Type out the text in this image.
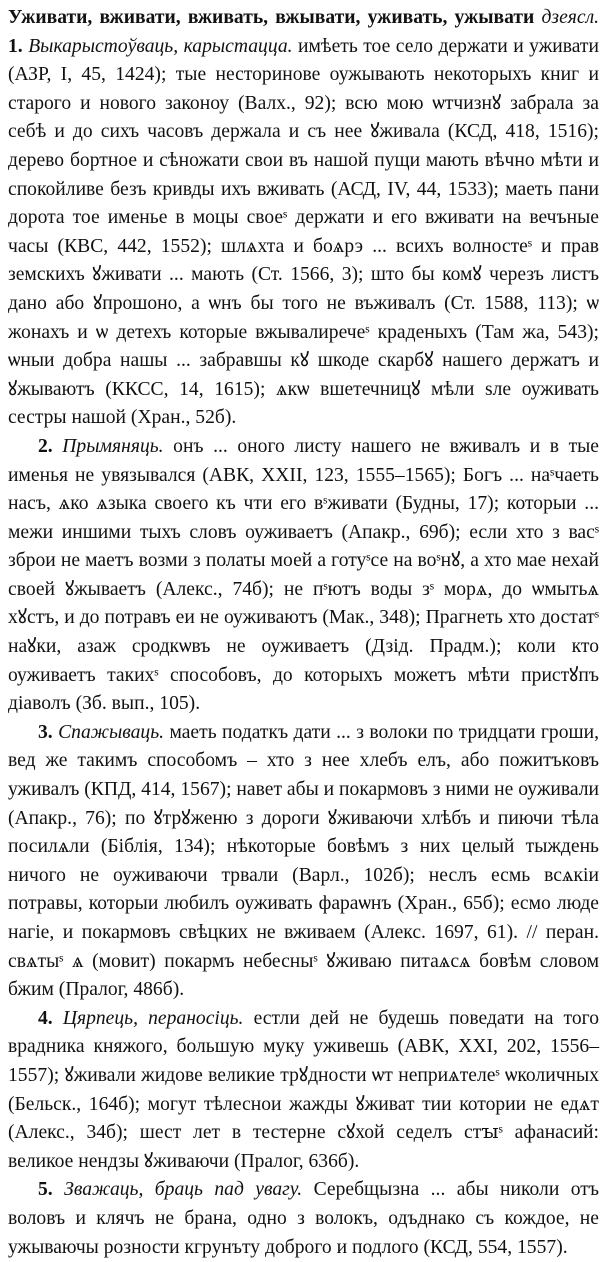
Уживати, вживати, вживать, вжывати, уживать, ужывати дзеясл. 1. Выкарыстоўваць, карыстацца. имѣеть тое село держати и уживати (АЗР, I, 45, 1424); тые несторинове оужывають некоторыхъ книг и старого и нового законоу (Валх., 92); всю мою ѡтчизнꙋ забрала за себѣ и до сихъ часовъ держала и съ нее ꙋживала (КСД, 418, 1516); дерево бортное и сѣножати свои въ нашой пущи мають вѣчно мѣти и спокойливе безъ кривды ихъ вживать (АСД, IV, 44, 1533); маеть пани дорота тое именье в моцы своеˢ держати и его вживати на вечъные часы (КВС, 442, 1552); шлѧхта и боѧрэ ... всихъ волностеˢ и прав земскихъ ꙋживати ... мають (Ст. 1566, 3); што бы комꙋ черезъ листъ дано або ꙋпрошоно, а ѡнъ бы того не въживалъ (Ст. 1588, 113); ѡ жонахъ и ѡ детехъ которые вжывалиречеˢ краденыхъ (Там жа, 543); ѡныи добра нашы ... забравшы кꙋ шкоде скарбꙋ нашего держатъ и ꙋжываютъ (ККСС, 14, 1615); ѧкѡ вшетечницꙋ мѣли ѕле оуживать сестры нашой (Хран., 52б).

2. Прымяняць. онъ ... оного листу нашего не вживалъ и в тые именья не увязывался (АВК, XXII, 123, 1555–1565); Богъ ... наˢчаеть насъ, ѧко ѧзыка своего къ чти его вˢживати (Будны, 17); которыи ... межи иншими тыхъ словъ оуживаетъ (Апакр., 69б); если хто з васˢ зброи не маетъ возми з полаты моей а готуˢсе на воˢнꙋ, а хто мае нехай своей ꙋжываетъ (Алекс., 74б); не пˢютъ воды зˢ морѧ, до ѡмытьѧ хꙋстъ, и до потравъ еи не оуживаютъ (Мак., 348); Прагнеть хто достатˢ наꙋки, азаж сродкѡвъ не оуживаетъ (Дзід. Прадм.); коли кто оуживаетъ такихˢ способовъ, до которыхъ можетъ мѣти пристꙋпъ діаволъ (Зб. вып., 105).

3. Спажываць. маеть податкъ дати ... з волоки по тридцати гроши, вед же такимъ способомъ – хто з нее хлебъ елъ, або пожитъковъ уживалъ (КПД, 414, 1567); навет абы и покармовъ з ними не оуживали (Апакр., 76); по ꙋтрꙋженю з дороги ꙋживаючи хлѣбъ и пиючи тѣла посилѧли (Біблія, 134); нѣкоторые бовѣмъ з них целый тыждень ничого не оуживаючи трвали (Варл., 102б); неслъ есмь всѧкіи потравы, которыи любилъ оуживать фараѡнъ (Хран., 65б); есмо люде нагіе, и покармовъ свѣцких не вживаем (Алекс. 1697, 61). // перан. свѧтыˢ ѧ (мовит) покармъ небесныˢ ꙋживаю питаѧсѧ бовѣм словом бжим (Пралог, 486б).

4. Цярпець, пераносіць. естли дей не будешь поведати на того врадника княжого, большую муку уживешь (АВК, XXI, 202, 1556–1557); ꙋживали жидове великие трꙋдности ѡт неприѧтелеˢ ѡколичных (Бельск., 164б); могут тѣлеснои жажды ꙋживат тии котории не едѧт (Алекс., 34б); шест лет в тестерне сꙋхой седелъ стꙑˢ афанасий: великое нендзы ꙋживаючи (Пралог, 636б).

5. Зважаць, браць пад увагу. Серебщызна ... абы николи отъ воловъ и клячъ не брана, одно з волокъ, одъднако съ кождое, не ужываючы розности кгрунъту доброго и подлого (КСД, 554, 1557).
